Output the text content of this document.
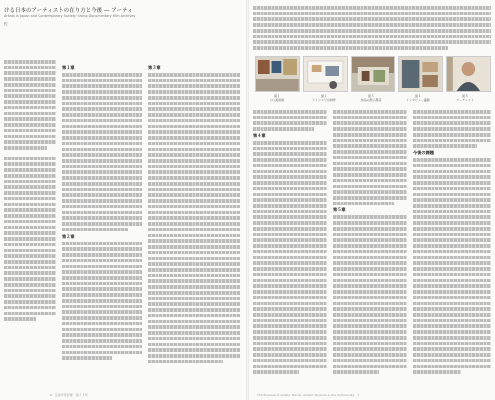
ける日本のアーティストの在り方と今後 ― アーティ
Artists in Japan and Contemporary Society: Using Documentary Film Archives
佐
第１章
第２章
第３章
6　芸術学部紀要　第３１号
図１
○○美術館
図２
アトリエでの制作
図３
作品の展示風景
図４
インタビュー撮影
図５
アーティスト
第４章
第５章
今後の課題
The Purpose of Artists' Places, Artists' Purpose in the Community　7
